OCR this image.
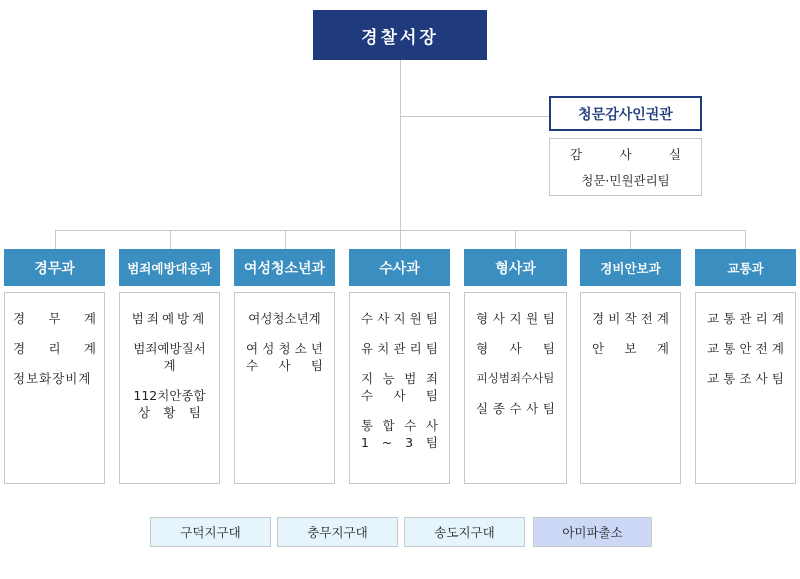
경찰서장
청문감사인권관
감	사	실
청문·민원관리팀
경무과
경 무 계
경 리 계
정보화장비계
범죄예방대응과
범죄예방계
범죄예방질서계
112치안종합
상 황 팀
여성청소년과
여성청소년계
여 성 청 소 년
수 사 팀
수사과
수 사 지 원 팀
유 치 관 리 팀
지 능 범 죄
수 사 팀
통 합 수 사
1 ~ 3 팀
형사과
형 사 지 원 팀
형 사 팀
피싱범죄수사팀
실 종 수 사 팀
경비안보과
경 비 작 전 계
안 보 계
교통과
교 통 관 리 계
교 통 안 전 계
교 통 조 사 팀
구덕지구대	충무지구대	송도지구대	아미파출소
